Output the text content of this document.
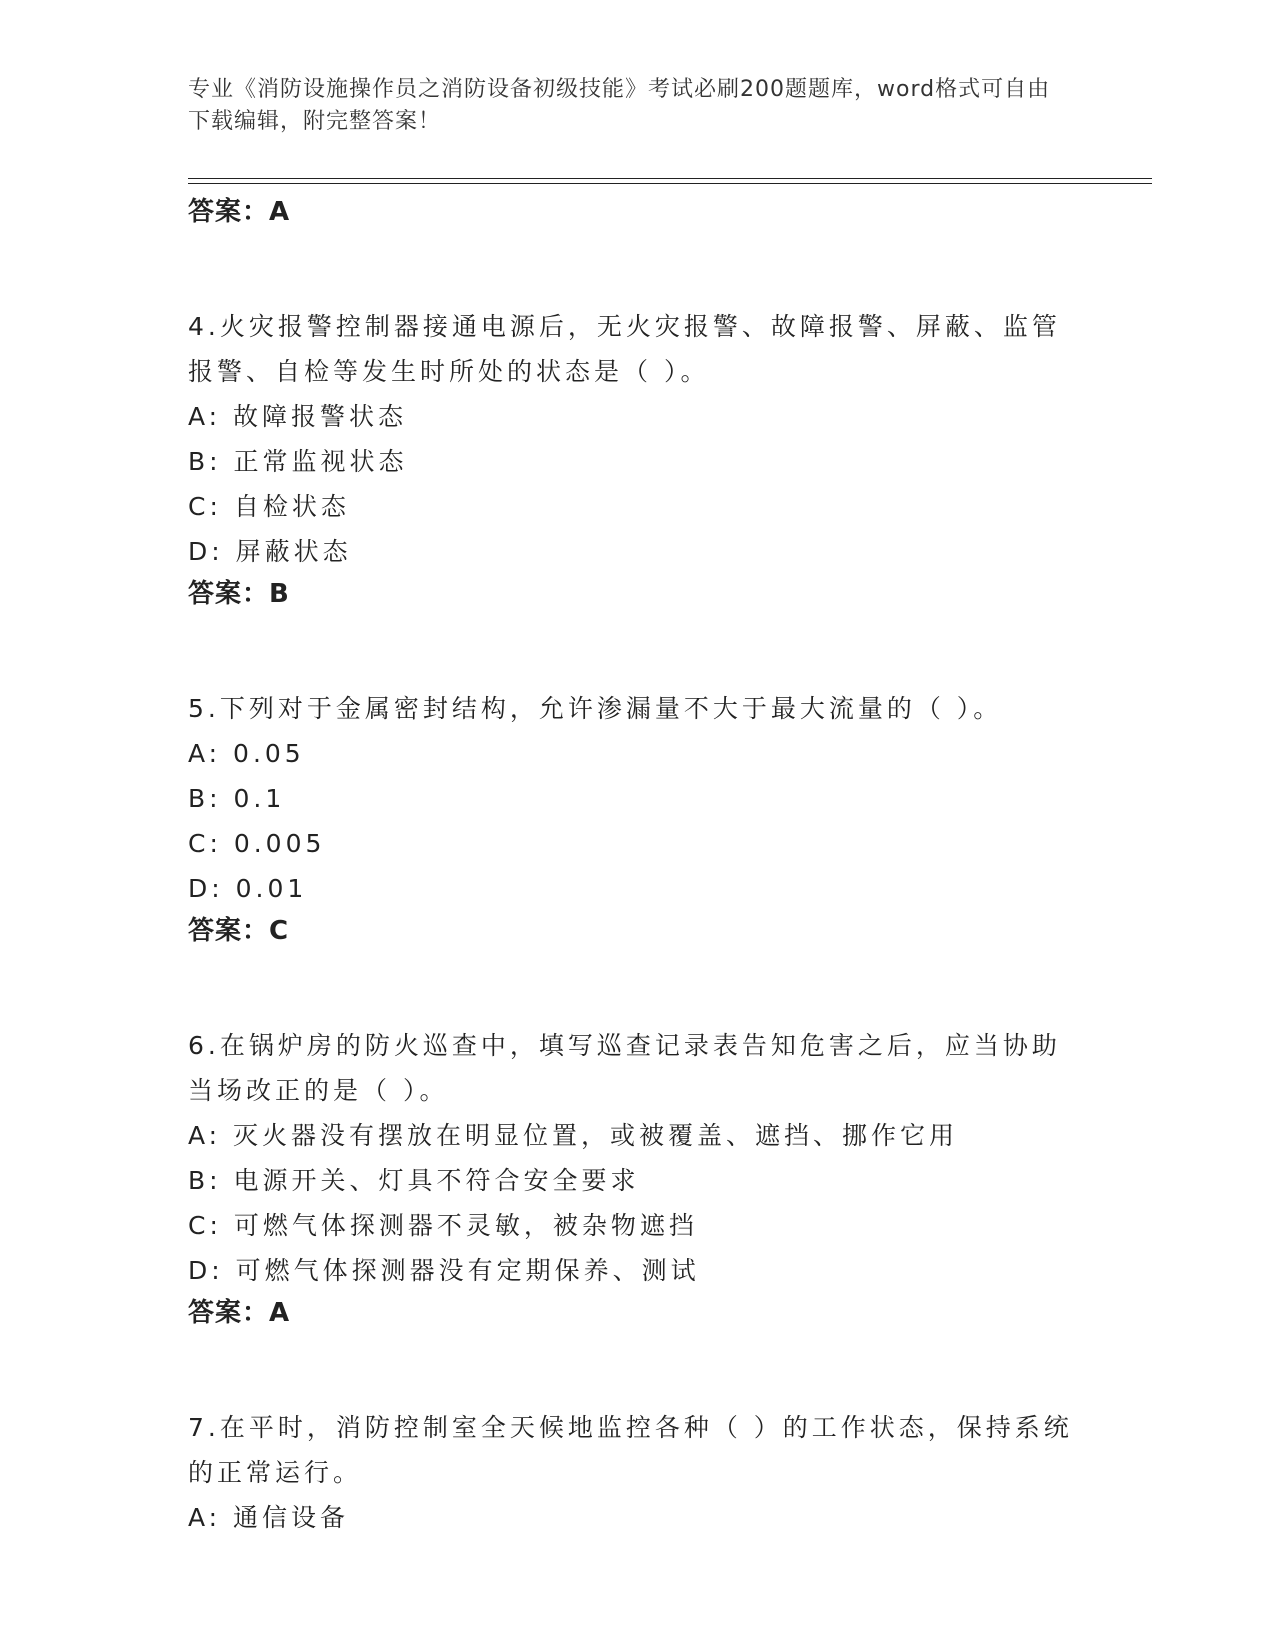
专业《消防设施操作员之消防设备初级技能》考试必刷200题题库，word格式可自由下载编辑，附完整答案！

答案：A

4.火灾报警控制器接通电源后，无火灾报警、故障报警、屏蔽、监管报警、自检等发生时所处的状态是（ ）。

A: 故障报警状态

B: 正常监视状态

C: 自检状态

D: 屏蔽状态

答案：B

5.下列对于金属密封结构，允许渗漏量不大于最大流量的（ ）。

A: 0.05

B: 0.1

C: 0.005

D: 0.01

答案：C

6.在锅炉房的防火巡查中，填写巡查记录表告知危害之后，应当协助当场改正的是（ ）。

A: 灭火器没有摆放在明显位置，或被覆盖、遮挡、挪作它用

B: 电源开关、灯具不符合安全要求

C: 可燃气体探测器不灵敏，被杂物遮挡

D: 可燃气体探测器没有定期保养、测试

答案：A

7.在平时，消防控制室全天候地监控各种（ ）的工作状态，保持系统的正常运行。

A: 通信设备
